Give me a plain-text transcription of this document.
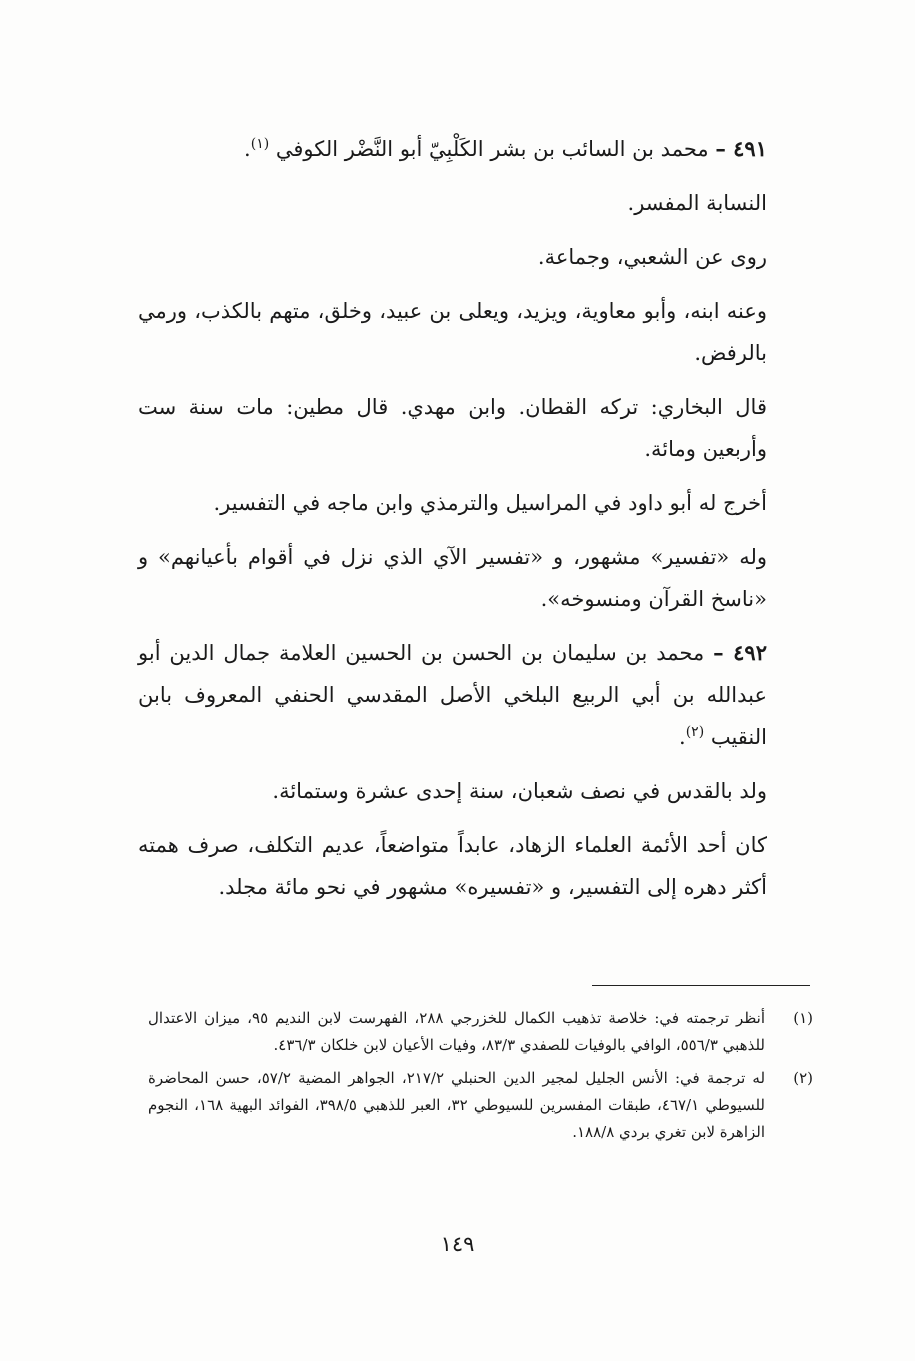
٤٩١ – محمد بن السائب بن بشر الكَلْبِيّ أبو النَّضْر الكوفي $^{(١)}$.

النسابة المفسر.

روى عن الشعبي، وجماعة.

وعنه ابنه، وأبو معاوية، ويزيد، ويعلى بن عبيد، وخلق، متهم بالكذب، ورمي بالرفض.

قال البخاري: تركه القطان. وابن مهدي. قال مطين: مات سنة ست وأربعين ومائة.

أخرج له أبو داود في المراسيل والترمذي وابن ماجه في التفسير.

وله «تفسير» مشهور، و «تفسير الآي الذي نزل في أقوام بأعيانهم» و «ناسخ القرآن ومنسوخه».

٤٩٢ – محمد بن سليمان بن الحسن بن الحسين العلامة جمال الدين أبو عبدالله بن أبي الربيع البلخي الأصل المقدسي الحنفي المعروف بابن النقيب $^{(٢)}$.

ولد بالقدس في نصف شعبان، سنة إحدى عشرة وستمائة.

كان أحد الأئمة العلماء الزهاد، عابداً متواضعاً، عديم التكلف، صرف همته أكثر دهره إلى التفسير، و «تفسيره» مشهور في نحو مائة مجلد.

(١)
أنظر ترجمته في: خلاصة تذهيب الكمال للخزرجي ٢٨٨، الفهرست لابن النديم ٩٥، ميزان الاعتدال للذهبي ٥٥٦/٣، الوافي بالوفيات للصفدي ٨٣/٣، وفيات الأعيان لابن خلكان ٤٣٦/٣.
(٢)
له ترجمة في: الأنس الجليل لمجير الدين الحنبلي ٢١٧/٢، الجواهر المضية ٥٧/٢، حسن المحاضرة للسيوطي ٤٦٧/١، طبقات المفسرين للسيوطي ٣٢، العبر للذهبي ٣٩٨/٥، الفوائد البهية ١٦٨، النجوم الزاهرة لابن تغري بردي ١٨٨/٨.
١٤٩
